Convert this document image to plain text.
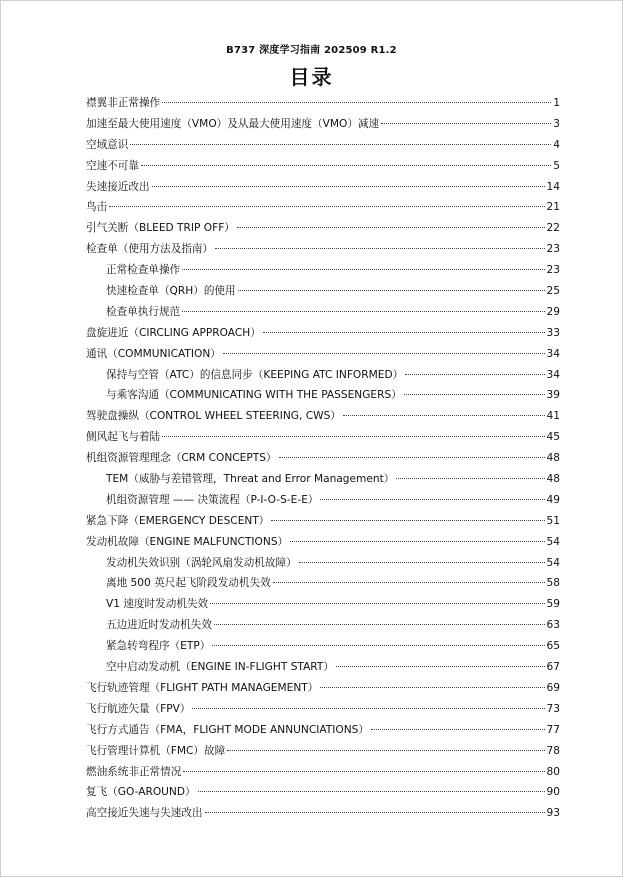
B737 深度学习指南 202509 R1.2
目录
襟翼非正常操作	1
加速至最大使用速度（VMO）及从最大使用速度（VMO）减速	3
空域意识	4
空速不可靠	5
失速接近改出	14
鸟击	21
引气关断（BLEED TRIP OFF）	22
检查单（使用方法及指南）	23
正常检查单操作	23
快速检查单（QRH）的使用	25
检查单执行规范	29
盘旋进近（CIRCLING APPROACH）	33
通讯（COMMUNICATION）	34
保持与空管（ATC）的信息同步（KEEPING ATC INFORMED）	34
与乘客沟通（COMMUNICATING WITH THE PASSENGERS）	39
驾驶盘操纵（CONTROL WHEEL STEERING, CWS）	41
侧风起飞与着陆	45
机组资源管理理念（CRM CONCEPTS）	48
TEM（威胁与差错管理，Threat and Error Management）	48
机组资源管理 —— 决策流程（P-I-O-S-E-E）	49
紧急下降（EMERGENCY DESCENT）	51
发动机故障（ENGINE MALFUNCTIONS）	54
发动机失效识别（涡轮风扇发动机故障）	54
离地 500 英尺起飞阶段发动机失效	58
V1 速度时发动机失效	59
五边进近时发动机失效	63
紧急转弯程序（ETP）	65
空中启动发动机（ENGINE IN-FLIGHT START）	67
飞行轨迹管理（FLIGHT PATH MANAGEMENT）	69
飞行航迹矢量（FPV）	73
飞行方式通告（FMA，FLIGHT MODE ANNUNCIATIONS）	77
飞行管理计算机（FMC）故障	78
燃油系统非正常情况	80
复飞（GO-AROUND）	90
高空接近失速与失速改出	93
